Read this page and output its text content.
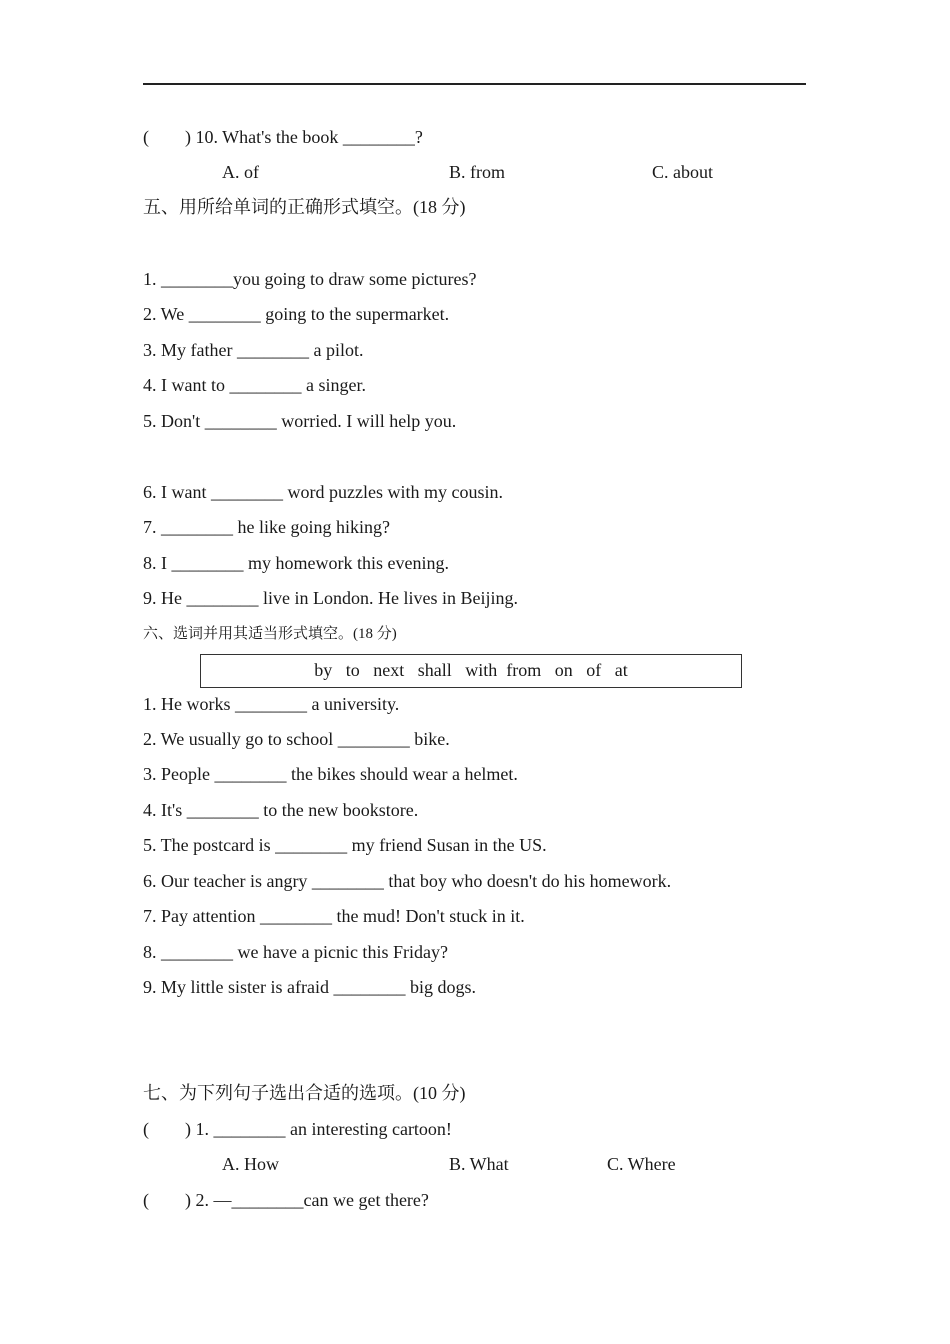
(        ) 10. What's the book ________?
A. of	B. from	C. about
五、用所给单词的正确形式填空。(18 分)
1. ________you going to draw some pictures?
2. We ________ going to the supermarket.
3. My father ________ a pilot.
4. I want to ________ a singer.
5. Don't ________ worried. I will help you.
6. I want ________ word puzzles with my cousin.
7. ________ he like going hiking?
8. I ________ my homework this evening.
9. He ________ live in London. He lives in Beijing.
六、选词并用其适当形式填空。(18 分)
by   to   next   shall   with  from   on   of   at
1. He works ________ a university.
2. We usually go to school ________ bike.
3. People ________ the bikes should wear a helmet.
4. It's ________ to the new bookstore.
5. The postcard is ________ my friend Susan in the US.
6. Our teacher is angry ________ that boy who doesn't do his homework.
7. Pay attention ________ the mud! Don't stuck in it.
8. ________ we have a picnic this Friday?
9. My little sister is afraid ________ big dogs.
七、为下列句子选出合适的选项。(10 分)
(        ) 1. ________ an interesting cartoon!
A. How	B. What	C. Where
(        ) 2. —________can we get there?
